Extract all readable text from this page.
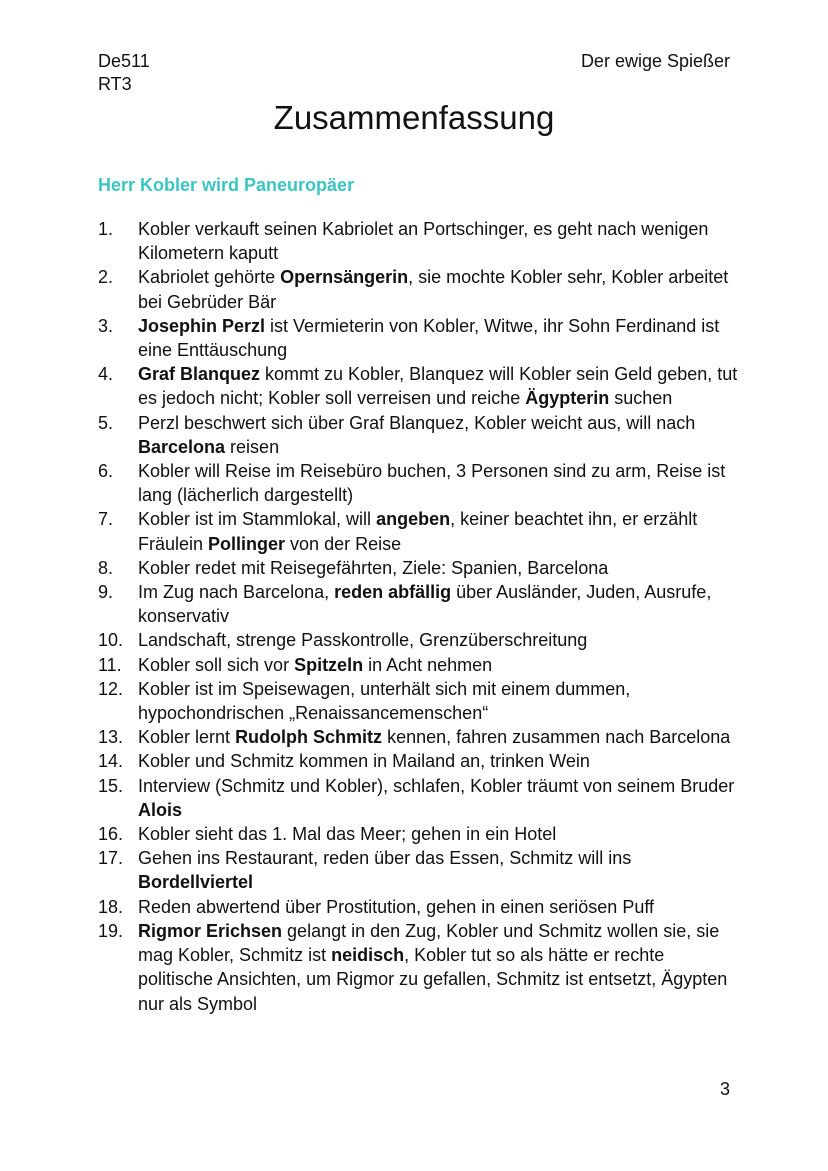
De511
RT3
Der ewige Spießer
Zusammenfassung
Herr Kobler wird Paneuropäer
1. Kobler verkauft seinen Kabriolet an Portschinger, es geht nach wenigen Kilometern kaputt
2. Kabriolet gehörte Opernsängerin, sie mochte Kobler sehr, Kobler arbeitet bei Gebrüder Bär
3. Josephin Perzl ist Vermieterin von Kobler, Witwe, ihr Sohn Ferdinand ist eine Enttäuschung
4. Graf Blanquez kommt zu Kobler, Blanquez will Kobler sein Geld geben, tut es jedoch nicht; Kobler soll verreisen und reiche Ägypterin suchen
5. Perzl beschwert sich über Graf Blanquez, Kobler weicht aus, will nach Barcelona reisen
6. Kobler will Reise im Reisebüro buchen, 3 Personen sind zu arm, Reise ist lang (lächerlich dargestellt)
7. Kobler ist im Stammlokal, will angeben, keiner beachtet ihn, er erzählt Fräulein Pollinger von der Reise
8. Kobler redet mit Reisegefährten, Ziele: Spanien, Barcelona
9. Im Zug nach Barcelona, reden abfällig über Ausländer, Juden, Ausrufe, konservativ
10. Landschaft, strenge Passkontrolle, Grenzüberschreitung
11. Kobler soll sich vor Spitzeln in Acht nehmen
12. Kobler ist im Speisewagen, unterhält sich mit einem dummen, hypochondrischen „Renaissancemenschen“
13. Kobler lernt Rudolph Schmitz kennen, fahren zusammen nach Barcelona
14. Kobler und Schmitz kommen in Mailand an, trinken Wein
15. Interview (Schmitz und Kobler), schlafen, Kobler träumt von seinem Bruder Alois
16. Kobler sieht das 1. Mal das Meer; gehen in ein Hotel
17. Gehen ins Restaurant, reden über das Essen, Schmitz will ins Bordellviertel
18. Reden abwertend über Prostitution, gehen in einen seriösen Puff
19. Rigmor Erichsen gelangt in den Zug, Kobler und Schmitz wollen sie, sie mag Kobler, Schmitz ist neidisch, Kobler tut so als hätte er rechte politische Ansichten, um Rigmor zu gefallen, Schmitz ist entsetzt, Ägypten nur als Symbol
3
